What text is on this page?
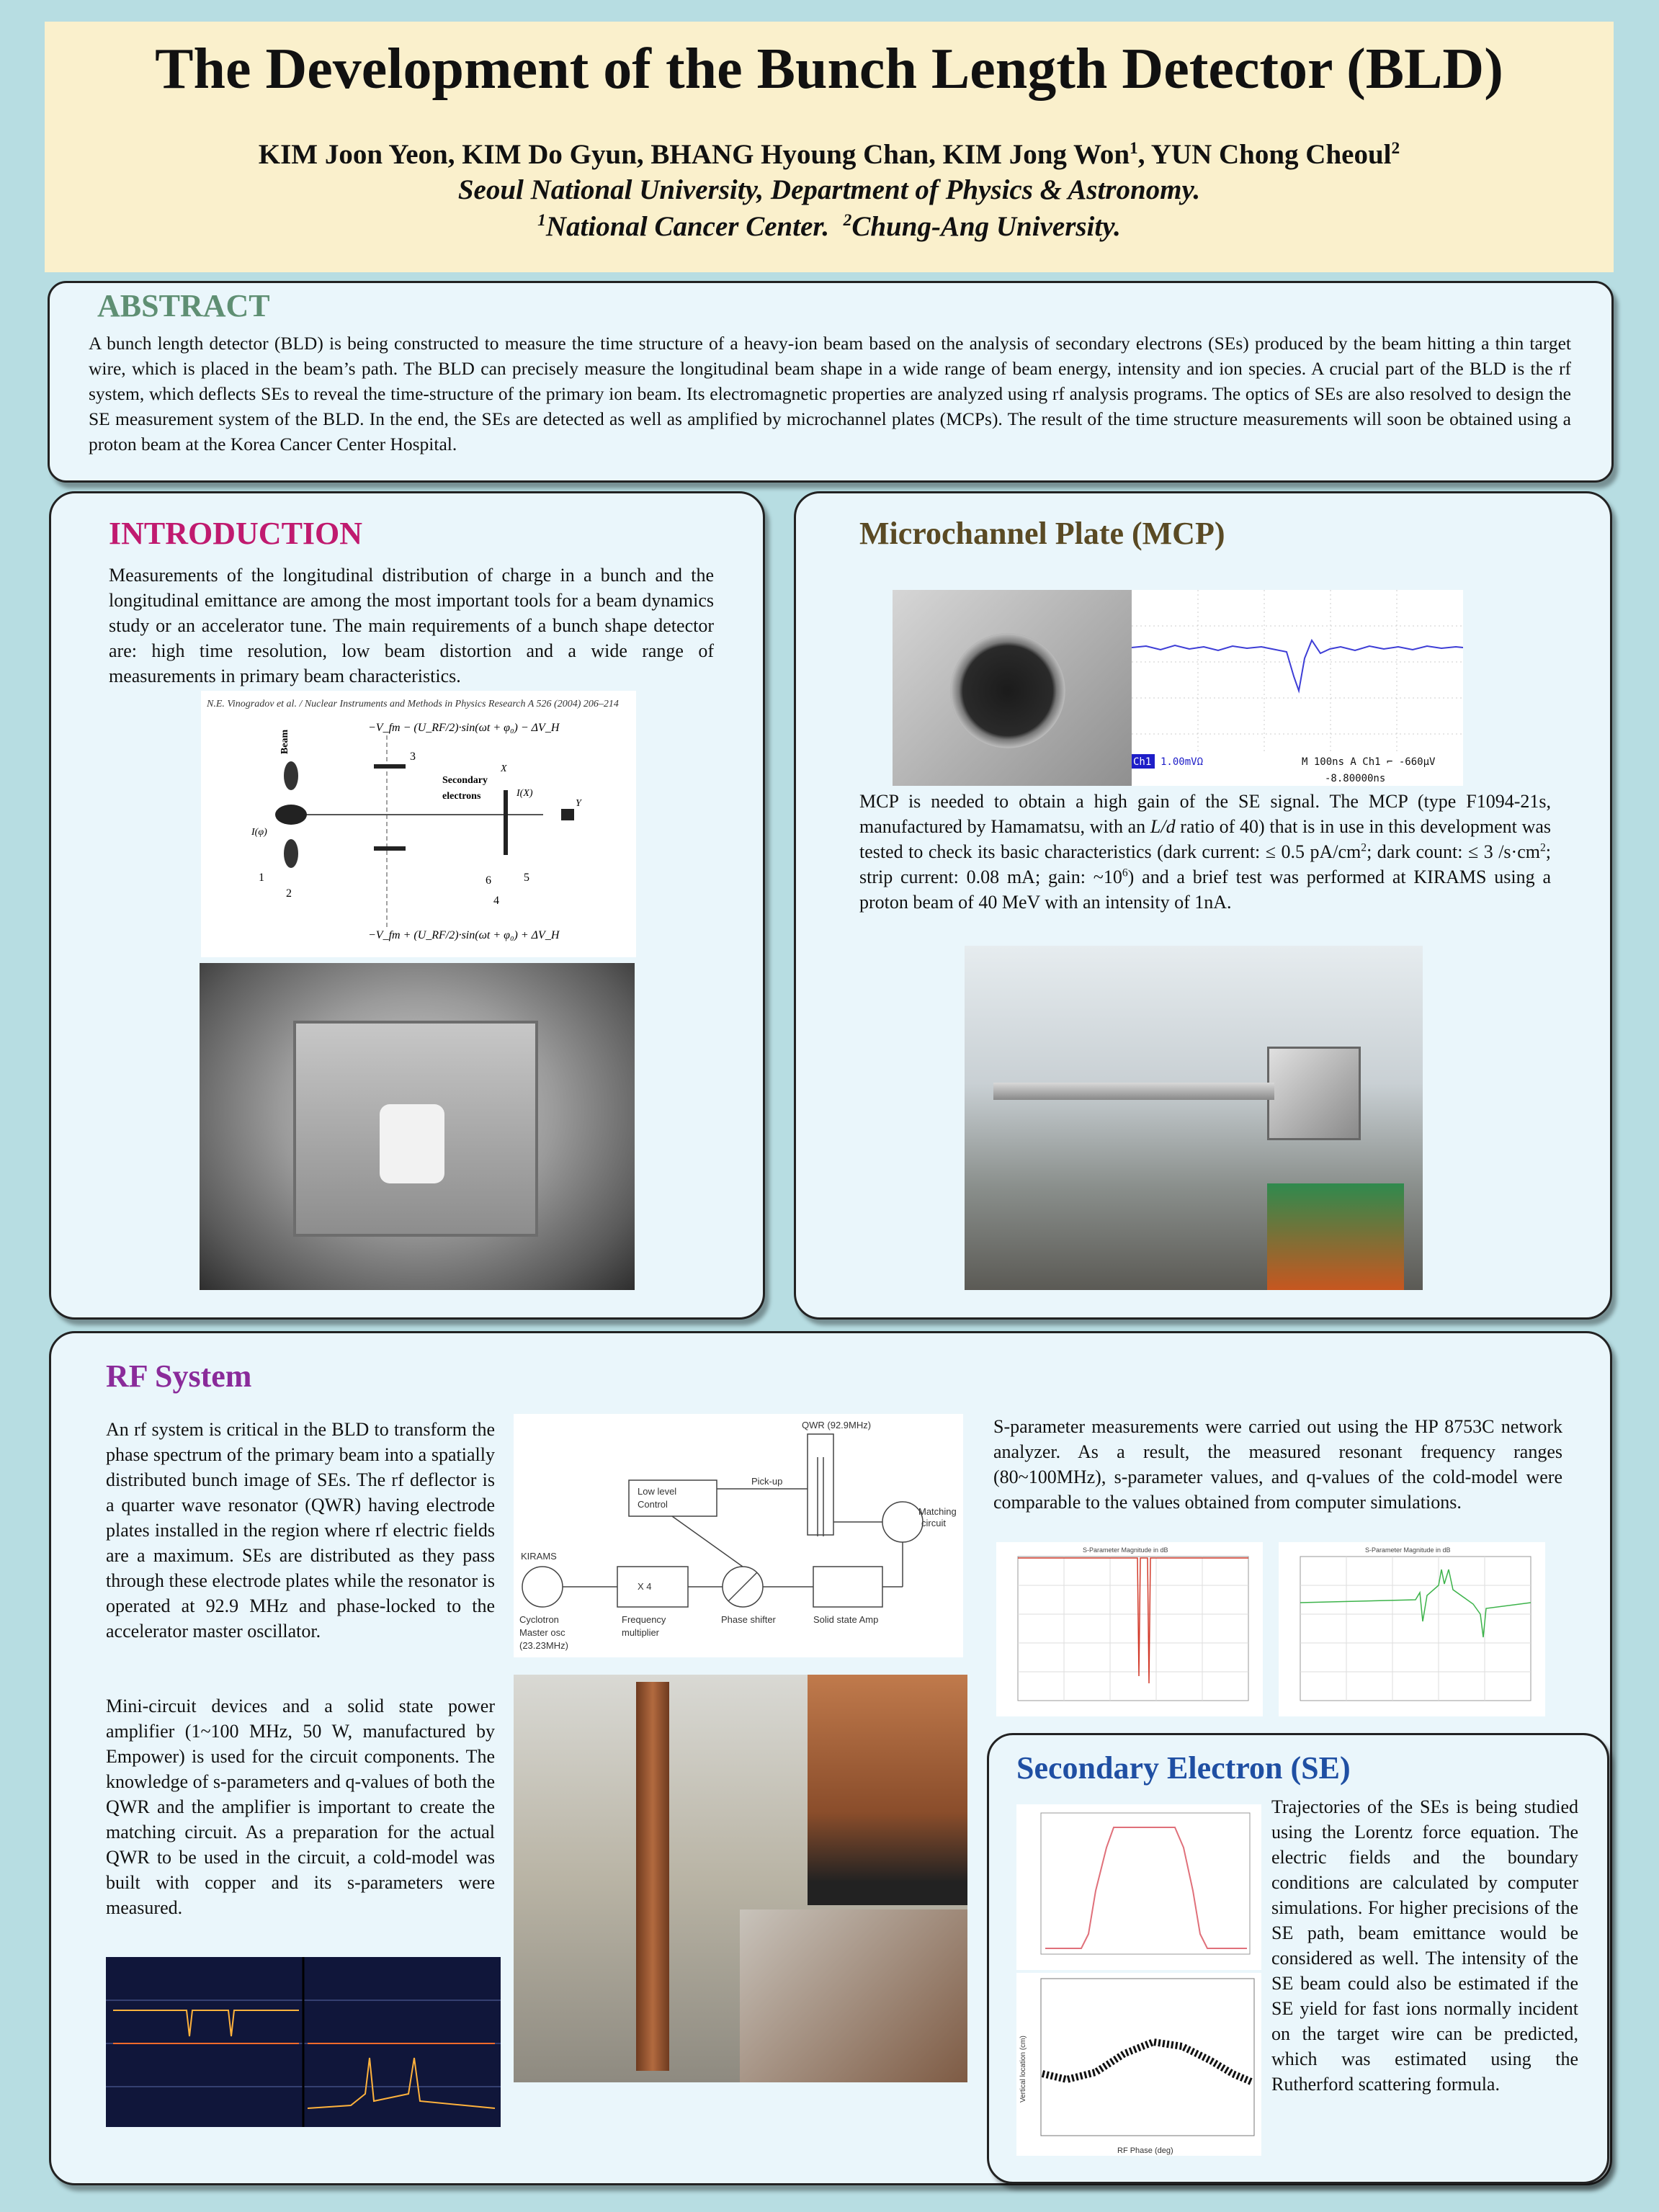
The Development of the Bunch Length Detector (BLD)
KIM Joon Yeon, KIM Do Gyun, BHANG Hyoung Chan, KIM Jong Won$^1$, YUN Chong Cheoul$^2$
Seoul National University, Department of Physics & Astronomy.
$^1$National Cancer Center.  $^2$Chung-Ang University.
ABSTRACT
A bunch length detector (BLD) is being constructed to measure the time structure of a heavy-ion beam based on the analysis of secondary electrons (SEs) produced by the beam hitting a thin target wire, which is placed in the beam’s path. The BLD can precisely measure the longitudinal beam shape in a wide range of beam energy, intensity and ion species. A crucial part of the BLD is the rf system, which deflects SEs to reveal the time-structure of the primary ion beam. Its electromagnetic properties are analyzed using rf analysis programs. The optics of SEs are also resolved to design the SE measurement system of the BLD. In the end, the SEs are detected as well as amplified by microchannel plates (MCPs). The result of the time structure measurements will soon be obtained using a proton beam at the Korea Cancer Center Hospital.
INTRODUCTION
Measurements of the longitudinal distribution of charge in a bunch and the longitudinal emittance are among the most important tools for a beam dynamics study or an accelerator tune. The main requirements of a bunch shape detector are: high time resolution, low beam distortion and a wide range of measurements in primary beam characteristics.
N.E. Vinogradov et al. / Nuclear Instruments and Methods in Physics Research A 526 (2004) 206–214
−V_fm − (U_RF/2)·sin(ωt + φ₀) − ΔV_H
−V_fm + (U_RF/2)·sin(ωt + φ₀) + ΔV_H
3
Beam
I(φ)
Secondary
electrons
X
I(X)
Y
1
2
5
6
4
Microchannel Plate (MCP)
Ch1 1.00mVΩ	M 100ns A Ch1 ⌐ -660μV
-8.80000ns
MCP is needed to obtain a high gain of the SE signal. The MCP (type F1094-21s, manufactured by Hamamatsu, with an L/d ratio of 40) that is in use in this development was tested to check its basic characteristics (dark current: ≤ 0.5 $pA/cm^2$; dark count: ≤ 3 $/s\cdot cm^2$; strip current: 0.08 mA; gain: $\sim 10^6$) and a brief test was performed at KIRAMS using a proton beam of 40 MeV with an intensity of 1nA.
RF System
An rf system is critical in the BLD to transform the phase spectrum of the primary beam into a spatially distributed bunch image of SEs. The rf deflector is a quarter wave resonator (QWR) having electrode plates installed in the region where rf electric fields are a maximum. SEs are distributed as they pass through these electrode plates while the resonator is operated at 92.9 MHz and phase-locked to the accelerator master oscillator.
Mini-circuit devices and a solid state power amplifier (1~100 MHz, 50 W, manufactured by Empower) is used for the circuit components. The knowledge of s-parameters and q-values of both the QWR and the amplifier is important to create the matching circuit. As a preparation for the actual QWR to be used in the circuit, a cold-model was built with copper and its s-parameters were measured.
QWR (92.9MHz)
Low level
Control
Pick-up
Matching
circuit
KIRAMS
Cyclotron
Master osc
(23.23MHz)
X 4
Frequency
multiplier
Phase shifter	Solid state Amp
S-parameter measurements were carried out using the HP 8753C network analyzer. As a result, the measured resonant frequency ranges (80~100MHz), s-parameter values, and q-values of the cold-model were comparable to the values obtained from computer simulations.
S-Parameter Magnitude in dB	S-Parameter Magnitude in dB
Secondary Electron (SE)
RF Phase (deg)
Vertical location (cm)
Trajectories of the SEs is being studied using the Lorentz force equation. The electric fields and the boundary conditions are calculated by computer simulations. For higher precisions of the SE path, beam emittance would be considered as well. The intensity of the SE beam could also be estimated if the SE yield for fast ions normally incident on the target wire can be predicted, which was estimated using the Rutherford scattering formula.
